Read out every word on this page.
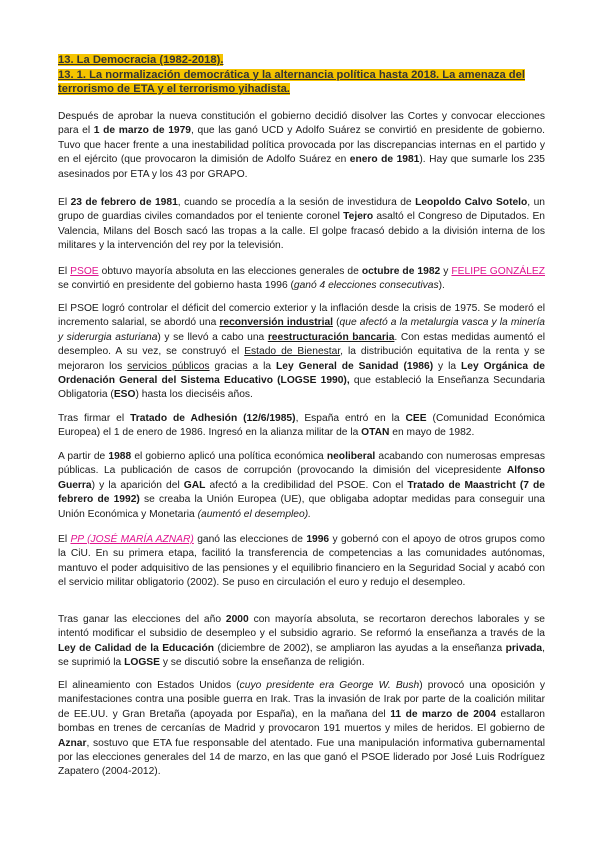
13. La Democracia (1982-2018).
13. 1. La normalización democrática y la alternancia política hasta 2018. La amenaza del terrorismo de ETA y el terrorismo yihadista.

Después de aprobar la nueva constitución el gobierno decidió disolver las Cortes y convocar elecciones para el 1 de marzo de 1979, que las ganó UCD y Adolfo Suárez se convirtió en presidente de gobierno. Tuvo que hacer frente a una inestabilidad política provocada por las discrepancias internas en el partido y en el ejército (que provocaron la dimisión de Adolfo Suárez en enero de 1981). Hay que sumarle los 235 asesinados por ETA y los 43 por GRAPO.

El 23 de febrero de 1981, cuando se procedía a la sesión de investidura de Leopoldo Calvo Sotelo, un grupo de guardias civiles comandados por el teniente coronel Tejero asaltó el Congreso de Diputados. En Valencia, Milans del Bosch sacó las tropas a la calle. El golpe fracasó debido a la división interna de los militares y la intervención del rey por la televisión.

El PSOE obtuvo mayoría absoluta en las elecciones generales de octubre de 1982 y FELIPE GONZÁLEZ se convirtió en presidente del gobierno hasta 1996 (ganó 4 elecciones consecutivas).

El PSOE logró controlar el déficit del comercio exterior y la inflación desde la crisis de 1975. Se moderó el incremento salarial, se abordó una reconversión industrial (que afectó a la metalurgia vasca y la minería y siderurgia asturiana) y se llevó a cabo una reestructuración bancaria. Con estas medidas aumentó el desempleo. A su vez, se construyó el Estado de Bienestar, la distribución equitativa de la renta y se mejoraron los servicios públicos gracias a la Ley General de Sanidad (1986) y la Ley Orgánica de Ordenación General del Sistema Educativo (LOGSE 1990), que estableció la Enseñanza Secundaria Obligatoria (ESO) hasta los dieciséis años.

Tras firmar el Tratado de Adhesión (12/6/1985), España entró en la CEE (Comunidad Económica Europea) el 1 de enero de 1986. Ingresó en la alianza militar de la OTAN en mayo de 1982.

A partir de 1988 el gobierno aplicó una política económica neoliberal acabando con numerosas empresas públicas. La publicación de casos de corrupción (provocando la dimisión del vicepresidente Alfonso Guerra) y la aparición del GAL afectó a la credibilidad del PSOE. Con el Tratado de Maastricht (7 de febrero de 1992) se creaba la Unión Europea (UE), que obligaba adoptar medidas para conseguir una Unión Económica y Monetaria (aumentó el desempleo).

El PP (JOSÉ MARÍA AZNAR) ganó las elecciones de 1996 y gobernó con el apoyo de otros grupos como la CiU. En su primera etapa, facilitó la transferencia de competencias a las comunidades autónomas, mantuvo el poder adquisitivo de las pensiones y el equilibrio financiero en la Seguridad Social y acabó con el servicio militar obligatorio (2002). Se puso en circulación el euro y redujo el desempleo.

Tras ganar las elecciones del año 2000 con mayoría absoluta, se recortaron derechos laborales y se intentó modificar el subsidio de desempleo y el subsidio agrario. Se reformó la enseñanza a través de la Ley de Calidad de la Educación (diciembre de 2002), se ampliaron las ayudas a la enseñanza privada, se suprimió la LOGSE y se discutió sobre la enseñanza de religión.

El alineamiento con Estados Unidos (cuyo presidente era George W. Bush) provocó una oposición y manifestaciones contra una posible guerra en Irak. Tras la invasión de Irak por parte de la coalición militar de EE.UU. y Gran Bretaña (apoyada por España), en la mañana del 11 de marzo de 2004 estallaron bombas en trenes de cercanías de Madrid y provocaron 191 muertos y miles de heridos. El gobierno de Aznar, sostuvo que ETA fue responsable del atentado. Fue una manipulación informativa gubernamental por las elecciones generales del 14 de marzo, en las que ganó el PSOE liderado por José Luis Rodríguez Zapatero (2004-2012).
